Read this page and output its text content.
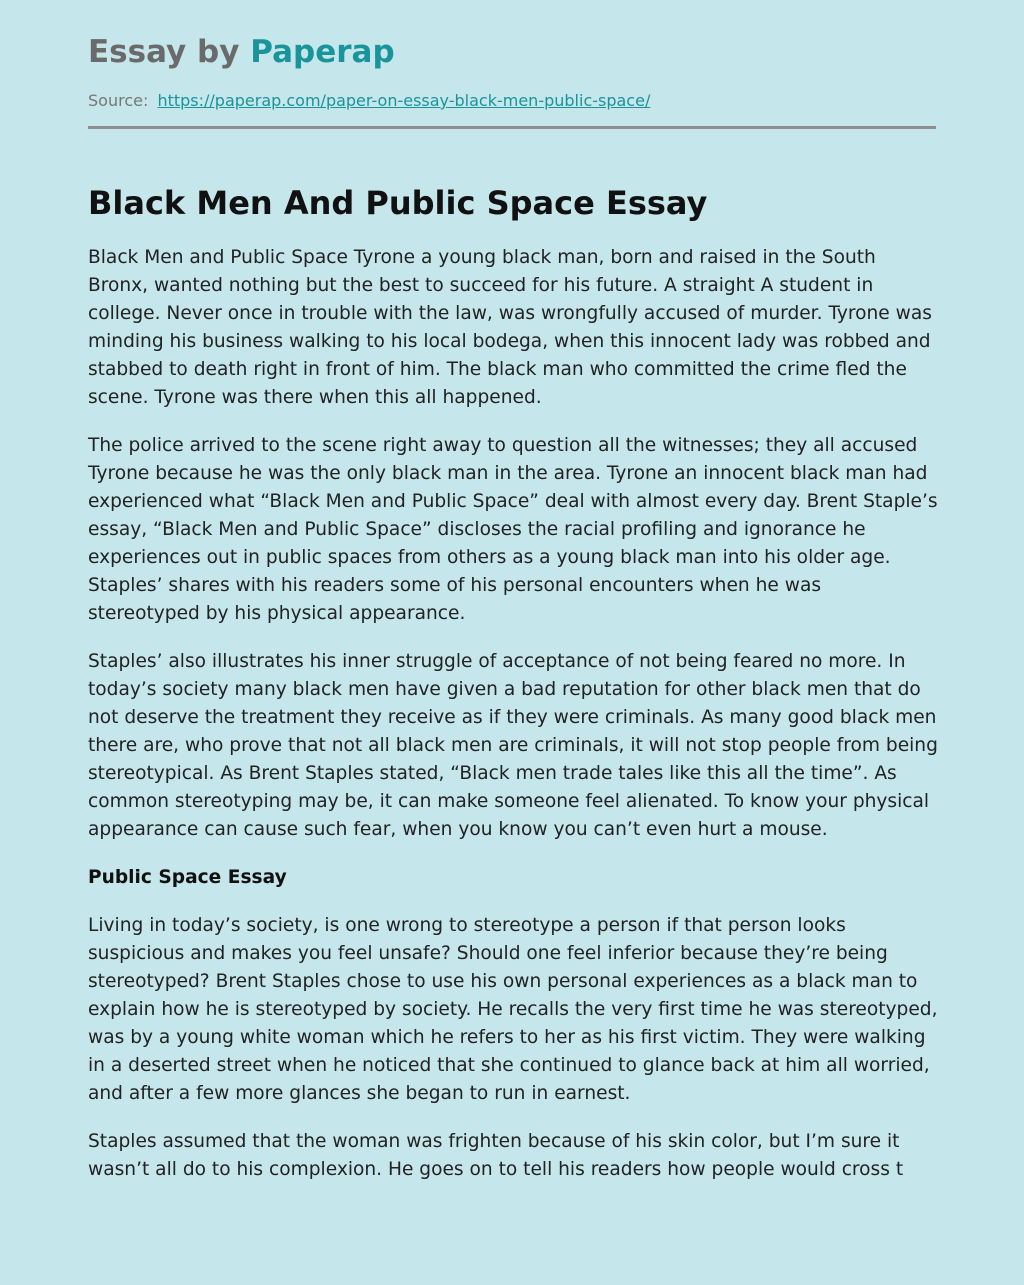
Essay by Paperap
Source: https://paperap.com/paper-on-essay-black-men-public-space/
Black Men And Public Space Essay

Black Men and Public Space Tyrone a young black man, born and raised in the South Bronx, wanted nothing but the best to succeed for his future. A straight A student in college. Never once in trouble with the law, was wrongfully accused of murder. Tyrone was minding his business walking to his local bodega, when this innocent lady was robbed and stabbed to death right in front of him. The black man who committed the crime fled the scene. Tyrone was there when this all happened.

The police arrived to the scene right away to question all the witnesses; they all accused Tyrone because he was the only black man in the area. Tyrone an innocent black man had experienced what “Black Men and Public Space” deal with almost every day. Brent Staple’s essay, “Black Men and Public Space” discloses the racial profiling and ignorance he experiences out in public spaces from others as a young black man into his older age. Staples’ shares with his readers some of his personal encounters when he was stereotyped by his physical appearance.

Staples’ also illustrates his inner struggle of acceptance of not being feared no more. In today’s society many black men have given a bad reputation for other black men that do not deserve the treatment they receive as if they were criminals. As many good black men there are, who prove that not all black men are criminals, it will not stop people from being stereotypical. As Brent Staples stated, “Black men trade tales like this all the time”. As common stereotyping may be, it can make someone feel alienated. To know your physical appearance can cause such fear, when you know you can’t even hurt a mouse.

Public Space Essay

Living in today’s society, is one wrong to stereotype a person if that person looks suspicious and makes you feel unsafe? Should one feel inferior because they’re being stereotyped? Brent Staples chose to use his own personal experiences as a black man to explain how he is stereotyped by society. He recalls the very first time he was stereotyped, was by a young white woman which he refers to her as his first victim. They were walking in a deserted street when he noticed that she continued to glance back at him all worried, and after a few more glances she began to run in earnest.

Staples assumed that the woman was frighten because of his skin color, but I’m sure it wasn’t all do to his complexion. He goes on to tell his readers how people would cross t
